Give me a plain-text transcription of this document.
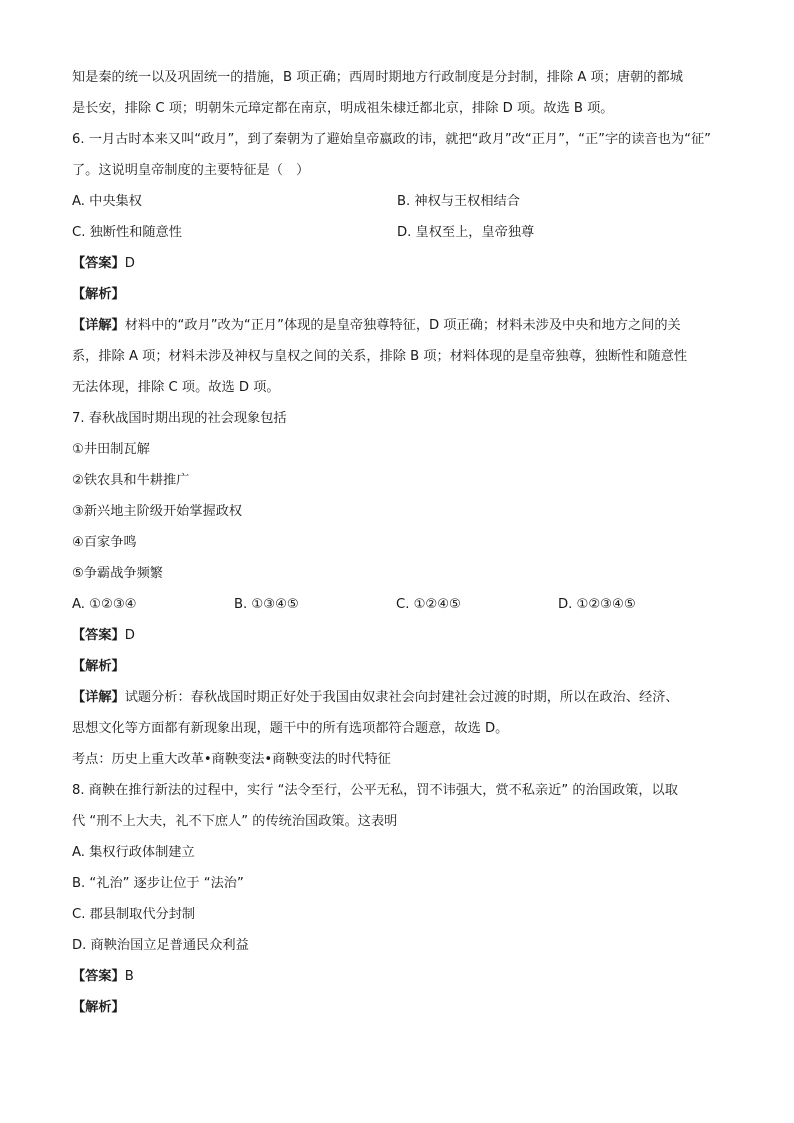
知是秦的统一以及巩固统一的措施，B 项正确；西周时期地方行政制度是分封制，排除 A 项；唐朝的都城
是长安，排除 C 项；明朝朱元璋定都在南京，明成祖朱棣迁都北京，排除 D 项。故选 B 项。
6. 一月古时本来又叫“政月”，到了秦朝为了避始皇帝嬴政的讳，就把“政月”改“正月”，“正”字的读音也为“征”
了。这说明皇帝制度的主要特征是（　）
A. 中央集权	B. 神权与王权相结合
C. 独断性和随意性	D. 皇权至上，皇帝独尊
【答案】D
【解析】
【详解】材料中的“政月”改为“正月”体现的是皇帝独尊特征，D 项正确；材料未涉及中央和地方之间的关
系，排除 A 项；材料未涉及神权与皇权之间的关系，排除 B 项；材料体现的是皇帝独尊，独断性和随意性
无法体现，排除 C 项。故选 D 项。
7. 春秋战国时期出现的社会现象包括
①井田制瓦解
②铁农具和牛耕推广
③新兴地主阶级开始掌握政权
④百家争鸣
⑤争霸战争频繁
A. ①②③④	B. ①③④⑤	C. ①②④⑤	D. ①②③④⑤
【答案】D
【解析】
【详解】试题分析：春秋战国时期正好处于我国由奴隶社会向封建社会过渡的时期，所以在政治、经济、
思想文化等方面都有新现象出现，题干中的所有选项都符合题意，故选 D。
考点：历史上重大改革•商鞅变法•商鞅变法的时代特征
8. 商鞅在推行新法的过程中，实行 “法令至行，公平无私，罚不讳强大，赏不私亲近” 的治国政策，以取
代 “刑不上大夫，礼不下庶人” 的传统治国政策。这表明
A. 集权行政体制建立
B. “礼治” 逐步让位于 “法治”
C. 郡县制取代分封制
D. 商鞅治国立足普通民众利益
【答案】B
【解析】
